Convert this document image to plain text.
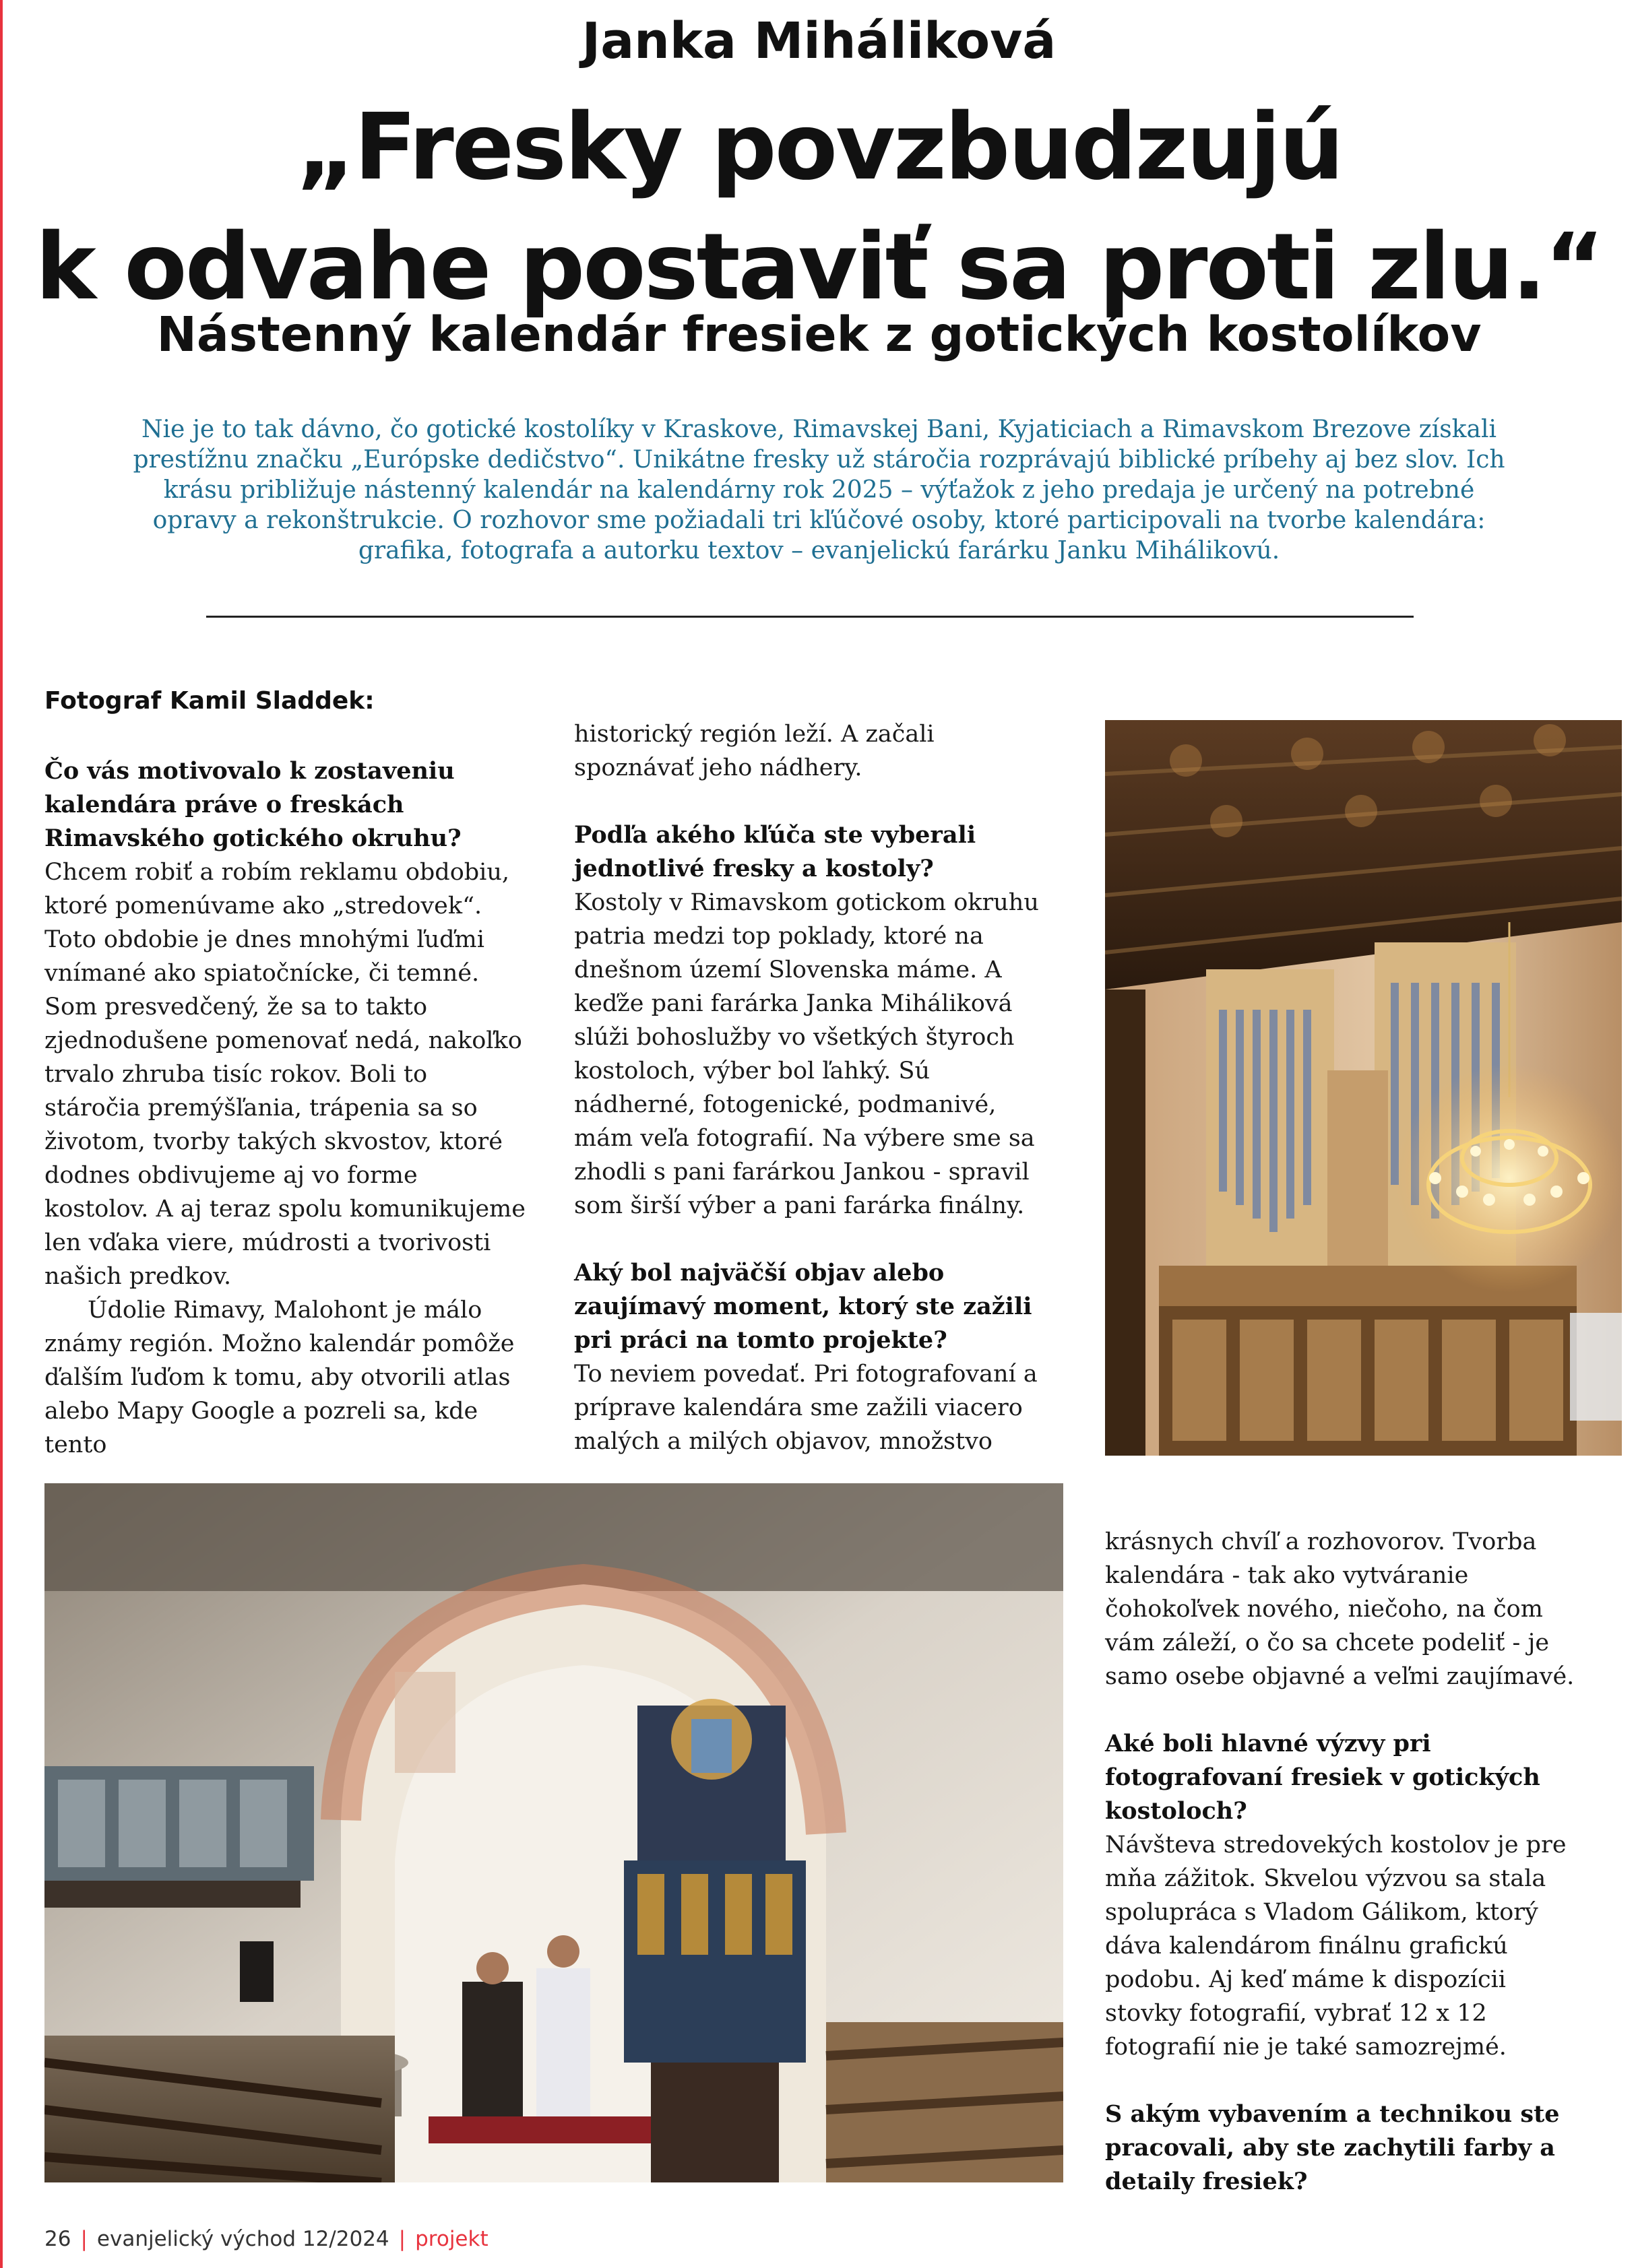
Janka Miháliková
„Fresky povzbudzujú
k odvahe postaviť sa proti zlu.“
Nástenný kalendár fresiek z gotických kostolíkov
Nie je to tak dávno, čo gotické kostolíky v Kraskove, Rimavskej Bani, Kyjaticiach a Rimavskom Brezove získali prestížnu značku „Európske dedičstvo“. Unikátne fresky už stáročia rozprávajú biblické príbehy aj bez slov. Ich krásu približuje nástenný kalendár na kalendárny rok 2025 – výťažok z jeho predaja je určený na potrebné opravy a rekonštrukcie. O rozhovor sme požiadali tri kľúčové osoby, ktoré participovali na tvorbe kalendára: grafika, fotografa a autorku textov – evanjelickú farárku Janku Mihálikovú.
Fotograf Kamil Sladdek:

Čo vás motivovalo k zostaveniu kalendára práve o freskách Rimavského gotického okruhu?

Chcem robiť a robím reklamu obdobiu, ktoré pomenúvame ako „stredovek“. Toto obdobie je dnes mnohými ľuďmi vnímané ako spiatočnícke, či temné. Som presvedčený, že sa to takto zjednodušene pomenovať nedá, nakoľko trvalo zhruba tisíc rokov. Boli to stáročia premýšľania, trápenia sa so životom, tvorby takých skvostov, ktoré dodnes obdivujeme aj vo forme kostolov. A aj teraz spolu komunikujeme len vďaka viere, múdrosti a tvorivosti našich predkov.

Údolie Rimavy, Malohont je málo známy región. Možno kalendár pomôže ďalším ľuďom k tomu, aby otvorili atlas alebo Mapy Google a pozreli sa, kde tento

historický región leží. A začali spoznávať jeho nádhery.

Podľa akého kľúča ste vyberali jednotlivé fresky a kostoly?

Kostoly v Rimavskom gotickom okruhu patria medzi top poklady, ktoré na dnešnom území Slovenska máme. A keďže pani farárka Janka Miháliková slúži bohoslužby vo všetkých štyroch kostoloch, výber bol ľahký. Sú nádherné, fotogenické, podmanivé, mám veľa fotografií. Na výbere sme sa zhodli s pani farárkou Jankou - spravil som širší výber a pani farárka finálny.

Aký bol najväčší objav alebo zaujímavý moment, ktorý ste zažili pri práci na tomto projekte?

To neviem povedať. Pri fotografovaní a príprave kalendára sme zažili viacero malých a milých objavov, množstvo

krásnych chvíľ a rozhovorov. Tvorba kalendára - tak ako vytváranie čohokoľvek nového, niečoho, na čom vám záleží, o čo sa chcete podeliť - je samo osebe objavné a veľmi zaujímavé.

Aké boli hlavné výzvy pri fotografovaní fresiek v gotických kostoloch?

Návšteva stredovekých kostolov je pre mňa zážitok. Skvelou výzvou sa stala spolupráca s Vladom Gálikom, ktorý dáva kalendárom finálnu grafickú podobu. Aj keď máme k dispozícii stovky fotografií, vybrať 12 x 12 fotografií nie je také samozrejmé.

S akým vybavením a technikou ste pracovali, aby ste zachytili farby a detaily fresiek?

26 | evanjelický východ 12/2024 | projekt
